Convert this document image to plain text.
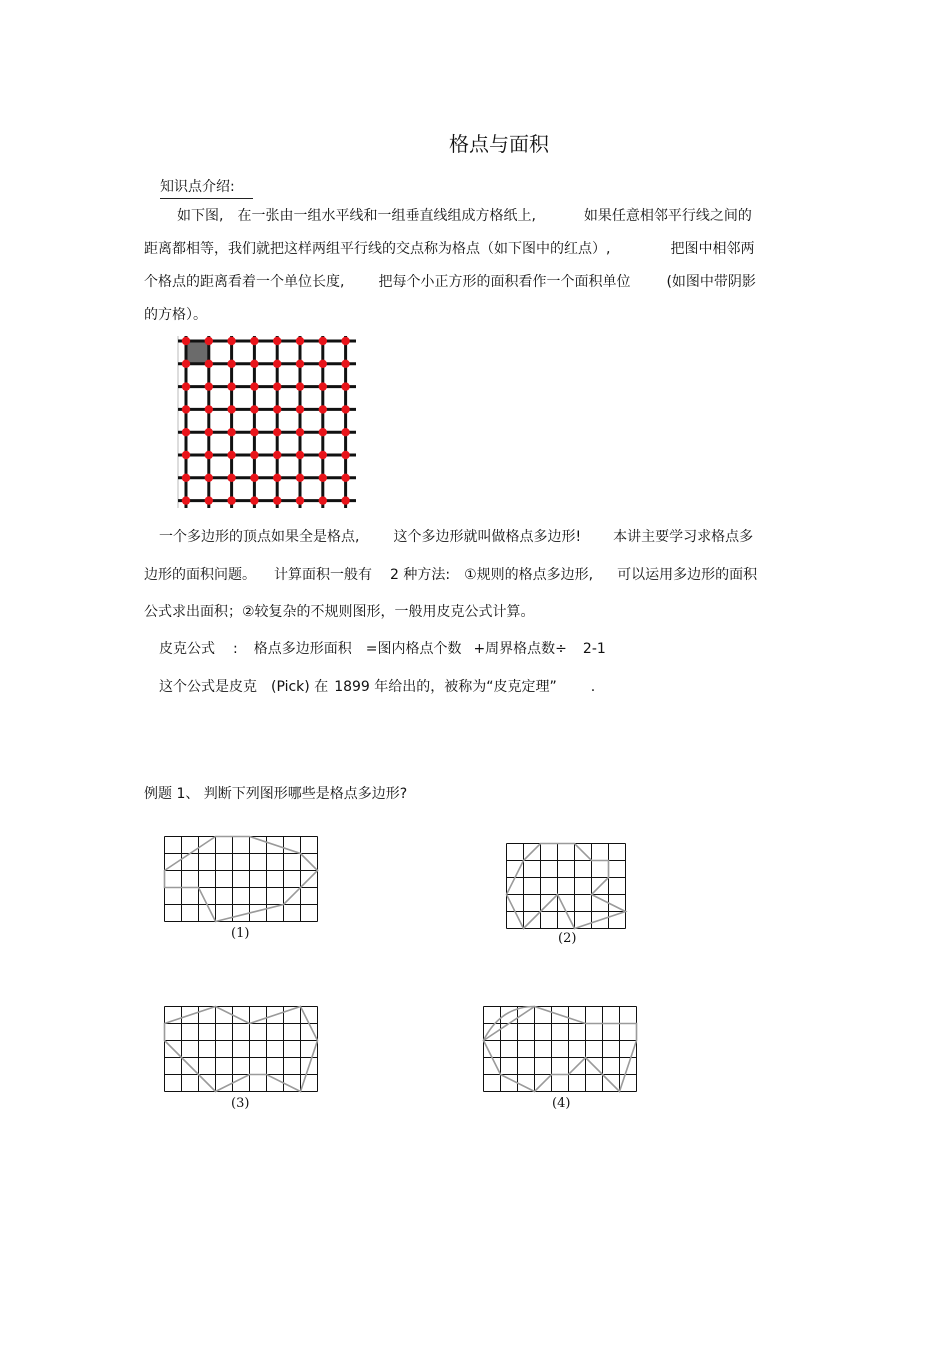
格点与面积
知识点介绍:
如下图, 在一张由一组水平线和一组垂直线组成方格纸上,	如果任意相邻平行线之间的
距离都相等，我们就把这样两组平行线的交点称为格点（如下图中的红点）,	把图中相邻两
个格点的距离看着一个单位长度, 把每个小正方形的面积看作一个面积单位	(如图中带阴影
的方格）。
一个多边形的顶点如果全是格点, 这个多边形就叫做格点多边形! 本讲主要学习求格点多
边形的面积问题。 计算面积一般有 2 种方法: ①规则的格点多边形, 可以运用多边形的面积
公式求出面积；②较复杂的不规则图形，一般用皮克公式计算。
皮克公式 : 格点多边形面积 =图内格点个数 +周界格点数÷ 2-1
这个公式是皮克 (Pick) 在 1899 年给出的，被称为“皮克定理” .
例题 1、 判断下列图形哪些是格点多边形?
(1)	(2)
(3)	(4)
